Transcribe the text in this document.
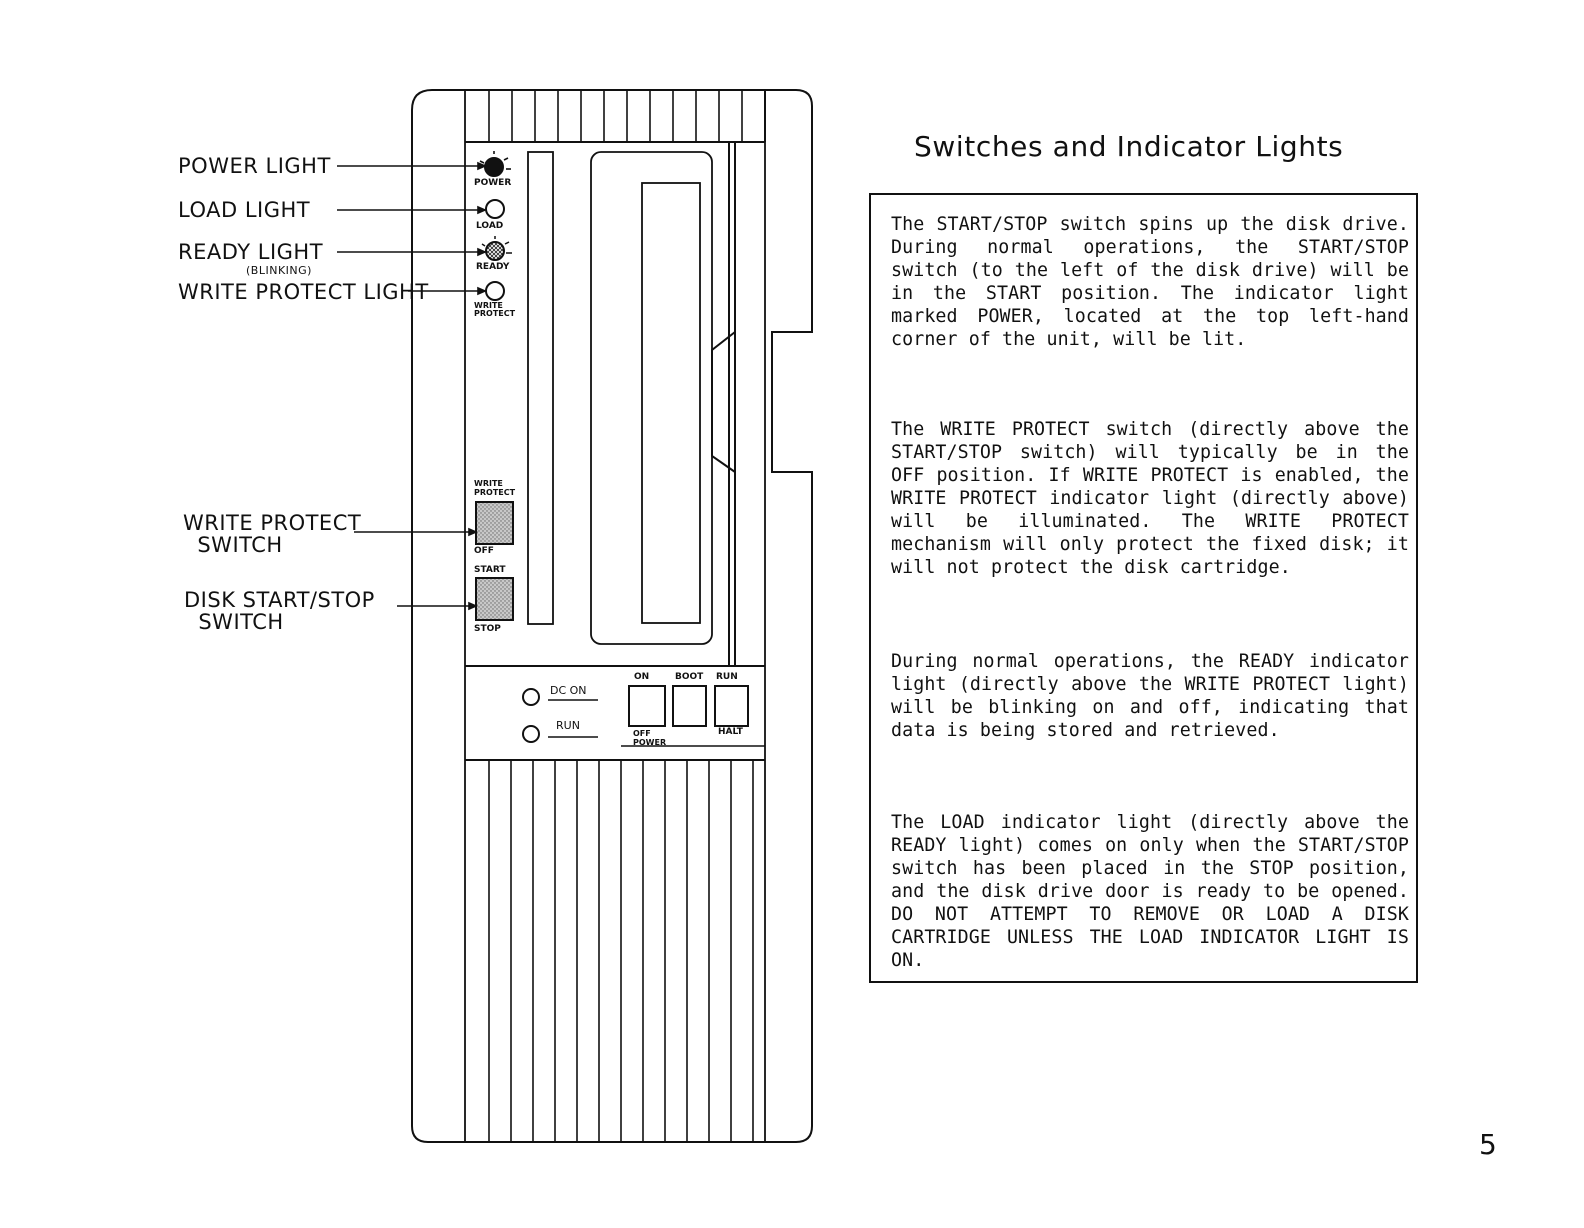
POWER LIGHT
LOAD LIGHT
READY LIGHT
(BLINKING)
WRITE PROTECT LIGHT
WRITE PROTECT
SWITCH
DISK START/STOP
SWITCH
POWER
LOAD
READY
WRITE
PROTECT
WRITE
PROTECT
OFF
START
STOP
DC ON
RUN
ON	BOOT RUN
OFF
POWER
HALT
Switches and Indicator Lights
The START/STOP switch spins up the disk drive. During normal operations, the START/STOP switch (to the left of the disk drive) will be in the START position. The indicator light marked POWER, located at the top left-hand corner of the unit, will be lit.
The WRITE PROTECT switch (directly above the START/STOP switch) will typically be in the OFF position. If WRITE PROTECT is enabled, the WRITE PROTECT indicator light (directly above) will be illuminated. The WRITE PROTECT mechanism will only protect the fixed disk; it will not protect the disk cartridge.
During normal operations, the READY indicator light (directly above the WRITE PROTECT light) will be blinking on and off, indicating that data is being stored and retrieved.
The LOAD indicator light (directly above the READY light) comes on only when the START/STOP switch has been placed in the STOP position, and the disk drive door is ready to be opened. DO NOT ATTEMPT TO REMOVE OR LOAD A DISK CARTRIDGE UNLESS THE LOAD INDICATOR LIGHT IS ON.
5
